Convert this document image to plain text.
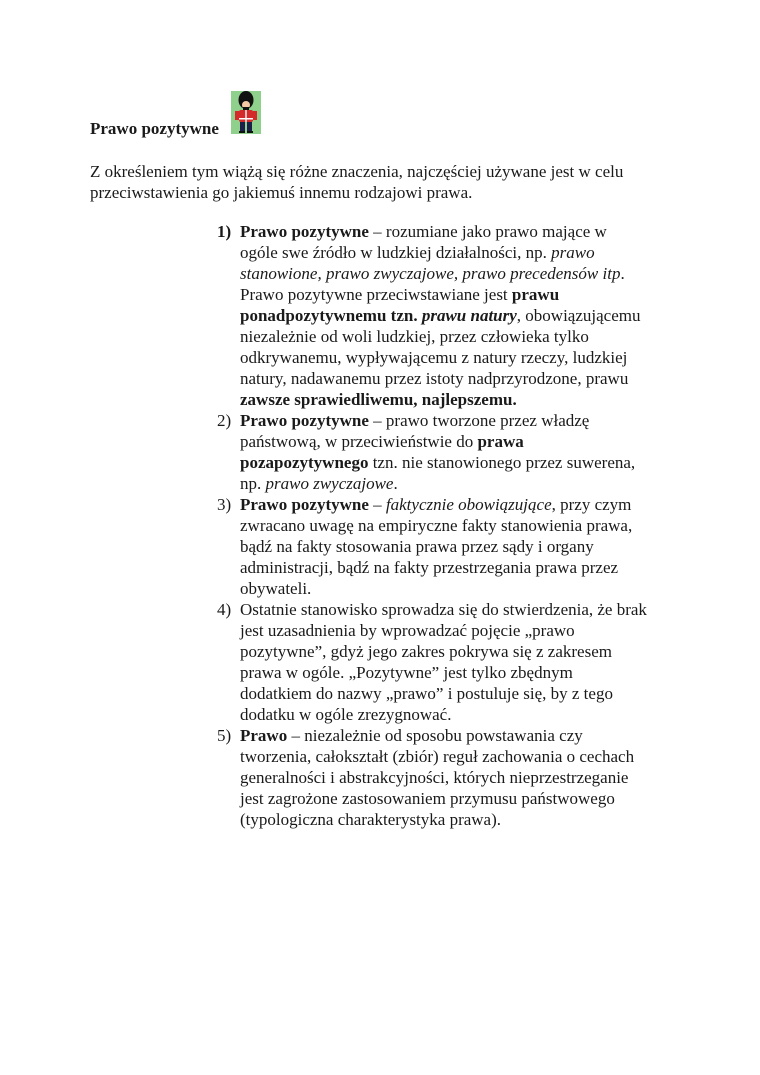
Prawo pozytywne
Z określeniem tym wiążą się różne znaczenia, najczęściej używane jest w celu
przeciwstawienia go jakiemuś innemu rodzajowi prawa.
1) Prawo pozytywne – rozumiane jako prawo mające w
ogóle swe źródło w ludzkiej działalności, np. prawo
stanowione, prawo zwyczajowe, prawo precedensów itp.
Prawo pozytywne przeciwstawiane jest prawu
ponadpozytywnemu tzn. prawu natury, obowiązującemu
niezależnie od woli ludzkiej, przez człowieka tylko
odkrywanemu, wypływającemu z natury rzeczy, ludzkiej
natury, nadawanemu przez istoty nadprzyrodzone, prawu
zawsze sprawiedliwemu, najlepszemu.
2) Prawo pozytywne – prawo tworzone przez władzę
państwową, w przeciwieństwie do prawa
pozapozytywnego tzn. nie stanowionego przez suwerena,
np. prawo zwyczajowe.
3) Prawo pozytywne – faktycznie obowiązujące, przy czym
zwracano uwagę na empiryczne fakty stanowienia prawa,
bądź na fakty stosowania prawa przez sądy i organy
administracji, bądź na fakty przestrzegania prawa przez
obywateli.
4) Ostatnie stanowisko sprowadza się do stwierdzenia, że brak
jest uzasadnienia by wprowadzać pojęcie „prawo
pozytywne”, gdyż jego zakres pokrywa się z zakresem
prawa w ogóle. „Pozytywne” jest tylko zbędnym
dodatkiem do nazwy „prawo” i postuluje się, by z tego
dodatku w ogóle zrezygnować.
5) Prawo – niezależnie od sposobu powstawania czy
tworzenia, całokształt (zbiór) reguł zachowania o cechach
generalności i abstrakcyjności, których nieprzestrzeganie
jest zagrożone zastosowaniem przymusu państwowego
(typologiczna charakterystyka prawa).
